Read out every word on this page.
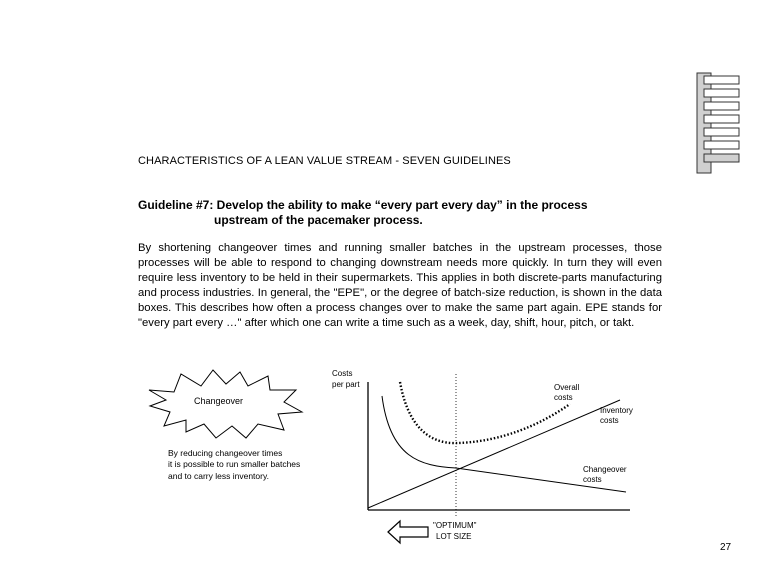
CHARACTERISTICS OF A LEAN VALUE STREAM - SEVEN GUIDELINES
Guideline #7: Develop the ability to make “every part every day” in the process
upstream of the pacemaker process.
By shortening changeover times and running smaller batches in the upstream processes, those processes will be able to respond to changing downstream needs more quickly. In turn they will even require less inventory to be held in their supermarkets. This applies in both discrete-parts manufacturing and process industries. In general, the "EPE", or the degree of batch-size reduction, is shown in the data boxes. This describes how often a process changes over to make the same part again. EPE stands for "every part every …" after which one can write a time such as a week, day, shift, hour, pitch, or takt.
Changeover
By reducing changeover times
it is possible to run smaller batches
and to carry less inventory.
Costs
per part	Overall
costs
Inventory
costs
Changeover
costs
"OPTIMUM"
LOT SIZE
27
